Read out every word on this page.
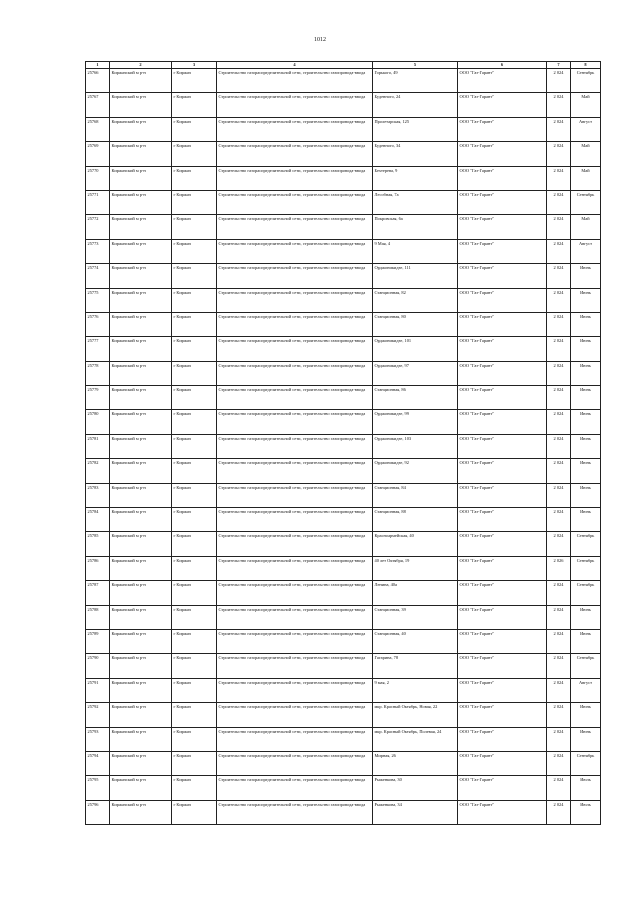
1012
1	2	3	4	5	6	7	8
25766	Киржачский м р-н	г Киржач	Строительство газораспределительной сети, строительство газопровода-ввода	Горького, 49	ООО "Газ-Гарант"	2 024	Сентябрь
25767	Киржачский м р-н	г Киржач	Строительство газораспределительной сети, строительство газопровода-ввода	Буденного, 24	ООО "Газ-Гарант"	2 024	Май
25768	Киржачский м р-н	г Киржач	Строительство газораспределительной сети, строительство газопровода-ввода	Пролетарская, 125	ООО "Газ-Гарант"	2 024	Август
25769	Киржачский м р-н	г Киржач	Строительство газораспределительной сети, строительство газопровода-ввода	Буденного, 34	ООО "Газ-Гарант"	2 024	Май
25770	Киржачский м р-н	г Киржач	Строительство газораспределительной сети, строительство газопровода-ввода	Бехтерева, 9	ООО "Газ-Гарант"	2 024	Май
25771	Киржачский м р-н	г Киржач	Строительство газораспределительной сети, строительство газопровода-ввода	Лесобная, 7а	ООО "Газ-Гарант"	2 024	Сентябрь
25772	Киржачский м р-н	г Киржач	Строительство газораспределительной сети, строительство газопровода-ввода	Покровская, 6а	ООО "Газ-Гарант"	2 024	Май
25773	Киржачский м р-н	г Киржач	Строительство газораспределительной сети, строительство газопровода-ввода	9 Мая, 4	ООО "Газ-Гарант"	2 024	Август
25774	Киржачский м р-н	г Киржач	Строительство газораспределительной сети, строительство газопровода-ввода	Орджоникидзе, 111	ООО "Газ-Гарант"	2 024	Июнь
25775	Киржачский м р-н	г Киржач	Строительство газораспределительной сети, строительство газопровода-ввода	Станционная, 82	ООО "Газ-Гарант"	2 024	Июнь
25776	Киржачский м р-н	г Киржач	Строительство газораспределительной сети, строительство газопровода-ввода	Станционная, 80	ООО "Газ-Гарант"	2 024	Июнь
25777	Киржачский м р-н	г Киржач	Строительство газораспределительной сети, строительство газопровода-ввода	Орджоникидзе, 101	ООО "Газ-Гарант"	2 024	Июнь
25778	Киржачский м р-н	г Киржач	Строительство газораспределительной сети, строительство газопровода-ввода	Орджоникидзе, 97	ООО "Газ-Гарант"	2 024	Июнь
25779	Киржачский м р-н	г Киржач	Строительство газораспределительной сети, строительство газопровода-ввода	Станционная, 86	ООО "Газ-Гарант"	2 024	Июнь
25780	Киржачский м р-н	г Киржач	Строительство газораспределительной сети, строительство газопровода-ввода	Орджоникидзе, 99	ООО "Газ-Гарант"	2 024	Июнь
25781	Киржачский м р-н	г Киржач	Строительство газораспределительной сети, строительство газопровода-ввода	Орджоникидзе, 103	ООО "Газ-Гарант"	2 024	Июнь
25782	Киржачский м р-н	г Киржач	Строительство газораспределительной сети, строительство газопровода-ввода	Орджоникидзе, 92	ООО "Газ-Гарант"	2 024	Июнь
25783	Киржачский м р-н	г Киржач	Строительство газораспределительной сети, строительство газопровода-ввода	Станционная, 84	ООО "Газ-Гарант"	2 024	Июнь
25784	Киржачский м р-н	г Киржач	Строительство газораспределительной сети, строительство газопровода-ввода	Станционная, 88	ООО "Газ-Гарант"	2 024	Июнь
25785	Киржачский м р-н	г Киржач	Строительство газораспределительной сети, строительство газопровода-ввода	Красноармейская, 40	ООО "Газ-Гарант"	2 024	Сентябрь
25786	Киржачский м р-н	г Киржач	Строительство газораспределительной сети, строительство газопровода-ввода	40 лет Октября, 19	ООО "Газ-Гарант"	2 026	Сентябрь
25787	Киржачский м р-н	г Киржач	Строительство газораспределительной сети, строительство газопровода-ввода	Ленина, 40а	ООО "Газ-Гарант"	2 024	Сентябрь
25788	Киржачский м р-н	г Киржач	Строительство газораспределительной сети, строительство газопровода-ввода	Станционная, 39	ООО "Газ-Гарант"	2 024	Июнь
25789	Киржачский м р-н	г Киржач	Строительство газораспределительной сети, строительство газопровода-ввода	Станционная, 40	ООО "Газ-Гарант"	2 024	Июнь
25790	Киржачский м р-н	г Киржач	Строительство газораспределительной сети, строительство газопровода-ввода	Гагарина, 78	ООО "Газ-Гарант"	2 024	Сентябрь
25791	Киржачский м р-н	г Киржач	Строительство газораспределительной сети, строительство газопровода-ввода	9 мая, 2	ООО "Газ-Гарант"	2 024	Август
25792	Киржачский м р-н	г Киржач	Строительство газораспределительной сети, строительство газопровода-ввода	мкр. Красный Октябрь, Новая, 22	ООО "Газ-Гарант"	2 024	Июнь
25793	Киржачский м р-н	г Киржач	Строительство газораспределительной сети, строительство газопровода-ввода	мкр. Красный Октябрь, Полевая, 24	ООО "Газ-Гарант"	2 024	Июнь
25794	Киржачский м р-н	г Киржач	Строительство газораспределительной сети, строительство газопровода-ввода	Мирная, 26	ООО "Газ-Гарант"	2 024	Сентябрь
25795	Киржачский м р-н	г Киржач	Строительство газораспределительной сети, строительство газопровода-ввода	Рыженкова, 30	ООО "Газ-Гарант"	2 024	Июль
25796	Киржачский м р-н	г Киржач	Строительство газораспределительной сети, строительство газопровода-ввода	Рыженкова, 34	ООО "Газ-Гарант"	2 024	Июль
